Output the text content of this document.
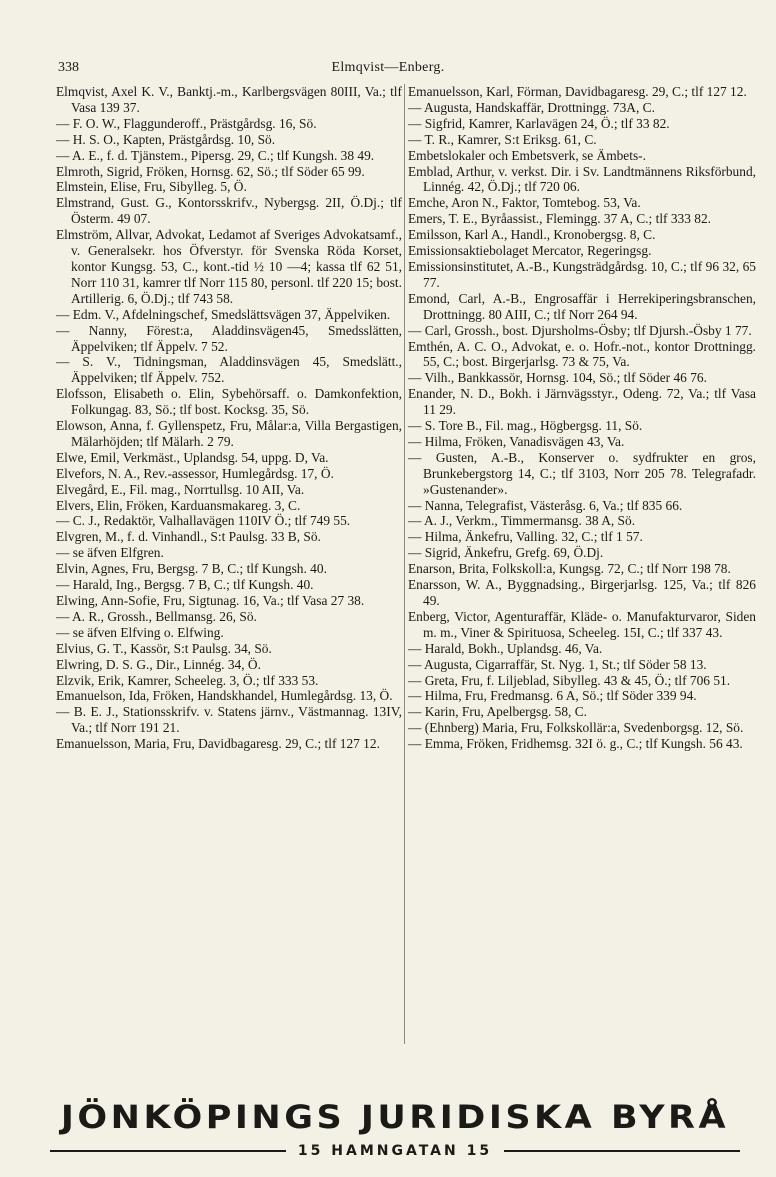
338	Elmqvist—Enberg.

Elmqvist, Axel K. V., Banktj.-m., Karlbergsvägen 80III, Va.; tlf Vasa 139 37.

— F. O. W., Flaggunderoff., Prästgårdsg. 16, Sö.

— H. S. O., Kapten, Prästgårdsg. 10, Sö.

— A. E., f. d. Tjänstem., Pipersg. 29, C.; tlf Kungsh. 38 49.

Elmroth, Sigrid, Fröken, Hornsg. 62, Sö.; tlf Söder 65 99.

Elmstein, Elise, Fru, Sibylleg. 5, Ö.

Elmstrand, Gust. G., Kontorsskrifv., Nybergsg. 2II, Ö.Dj.; tlf Österm. 49 07.

Elmström, Allvar, Advokat, Ledamot af Sveriges Advokatsamf., v. Generalsekr. hos Öfverstyr. för Svenska Röda Korset, kontor Kungsg. 53, C., kont.-tid ½ 10 —4; kassa tlf 62 51, Norr 110 31, kamrer tlf Norr 115 80, personl. tlf 220 15; bost. Artillerig. 6, Ö.Dj.; tlf 743 58.

— Edm. V., Afdelningschef, Smedslättsvägen 37, Äppelviken.

— Nanny, Förest:a, Aladdinsvägen45, Smedsslätten, Äppelviken; tlf Äppelv. 7 52.

— S. V., Tidningsman, Aladdinsvägen 45, Smedslätt., Äppelviken; tlf Äppelv. 752.

Elofsson, Elisabeth o. Elin, Sybehörsaff. o. Damkonfektion, Folkungag. 83, Sö.; tlf bost. Kocksg. 35, Sö.

Elowson, Anna, f. Gyllenspetz, Fru, Målar:a, Villa Bergastigen, Mälarhöjden; tlf Mälarh. 2 79.

Elwe, Emil, Verkmäst., Uplandsg. 54, uppg. D, Va.

Elvefors, N. A., Rev.-assessor, Humlegårdsg. 17, Ö.

Elvegård, E., Fil. mag., Norrtullsg. 10 AII, Va.

Elvers, Elin, Fröken, Karduansmakareg. 3, C.

— C. J., Redaktör, Valhallavägen 110IV Ö.; tlf 749 55.

Elvgren, M., f. d. Vinhandl., S:t Paulsg. 33 B, Sö.

— se äfven Elfgren.

Elvin, Agnes, Fru, Bergsg. 7 B, C.; tlf Kungsh. 40.

— Harald, Ing., Bergsg. 7 B, C.; tlf Kungsh. 40.

Elwing, Ann-Sofie, Fru, Sigtunag. 16, Va.; tlf Vasa 27 38.

— A. R., Grossh., Bellmansg. 26, Sö.

— se äfven Elfving o. Elfwing.

Elvius, G. T., Kassör, S:t Paulsg. 34, Sö.

Elwring, D. S. G., Dir., Linnég. 34, Ö.

Elzvik, Erik, Kamrer, Scheeleg. 3, Ö.; tlf 333 53.

Emanuelson, Ida, Fröken, Handskhandel, Humlegårdsg. 13, Ö.

— B. E. J., Stationsskrifv. v. Statens järnv., Västmannag. 13IV, Va.; tlf Norr 191 21.

Emanuelsson, Maria, Fru, Davidbagaresg. 29, C.; tlf 127 12.

Emanuelsson, Karl, Förman, Davidbagaresg. 29, C.; tlf 127 12.

— Augusta, Handskaffär, Drottningg. 73A, C.

— Sigfrid, Kamrer, Karlavägen 24, Ö.; tlf 33 82.

— T. R., Kamrer, S:t Eriksg. 61, C.

Embetslokaler och Embetsverk, se Ämbets-.

Emblad, Arthur, v. verkst. Dir. i Sv. Landtmännens Riksförbund, Linnég. 42, Ö.Dj.; tlf 720 06.

Emche, Aron N., Faktor, Tomtebog. 53, Va.

Emers, T. E., Byråassist., Flemingg. 37 A, C.; tlf 333 82.

Emilsson, Karl A., Handl., Kronobergsg. 8, C.

Emissionsaktiebolaget Mercator, Regeringsg.

Emissionsinstitutet, A.-B., Kungsträdgårdsg. 10, C.; tlf 96 32, 65 77.

Emond, Carl, A.-B., Engrosaffär i Herrekiperingsbranschen, Drottningg. 80 AIII, C.; tlf Norr 264 94.

— Carl, Grossh., bost. Djursholms-Ösby; tlf Djursh.-Ösby 1 77.

Emthén, A. C. O., Advokat, e. o. Hofr.-not., kontor Drottningg. 55, C.; bost. Birgerjarlsg. 73 & 75, Va.

— Vilh., Bankkassör, Hornsg. 104, Sö.; tlf Söder 46 76.

Enander, N. D., Bokh. i Järnvägsstyr., Odeng. 72, Va.; tlf Vasa 11 29.

— S. Tore B., Fil. mag., Högbergsg. 11, Sö.

— Hilma, Fröken, Vanadisvägen 43, Va.

— Gusten, A.-B., Konserver o. sydfrukter en gros, Brunkebergstorg 14, C.; tlf 3103, Norr 205 78. Telegrafadr. »Gustenander».

— Nanna, Telegrafist, Västeråsg. 6, Va.; tlf 835 66.

— A. J., Verkm., Timmermansg. 38 A, Sö.

— Hilma, Änkefru, Valling. 32, C.; tlf 1 57.

— Sigrid, Änkefru, Grefg. 69, Ö.Dj.

Enarson, Brita, Folkskoll:a, Kungsg. 72, C.; tlf Norr 198 78.

Enarsson, W. A., Byggnadsing., Birgerjarlsg. 125, Va.; tlf 826 49.

Enberg, Victor, Agenturaffär, Kläde- o. Manufakturvaror, Siden m. m., Viner & Spirituosa, Scheeleg. 15I, C.; tlf 337 43.

— Harald, Bokh., Uplandsg. 46, Va.

— Augusta, Cigarraffär, St. Nyg. 1, St.; tlf Söder 58 13.

— Greta, Fru, f. Liljeblad, Sibylleg. 43 & 45, Ö.; tlf 706 51.

— Hilma, Fru, Fredmansg. 6 A, Sö.; tlf Söder 339 94.

— Karin, Fru, Apelbergsg. 58, C.

— (Ehnberg) Maria, Fru, Folkskollär:a, Svedenborgsg. 12, Sö.

— Emma, Fröken, Fridhemsg. 32I ö. g., C.; tlf Kungsh. 56 43.

JÖNKÖPINGS JURIDISKA BYRÅ
15 HAMNGATAN 15
